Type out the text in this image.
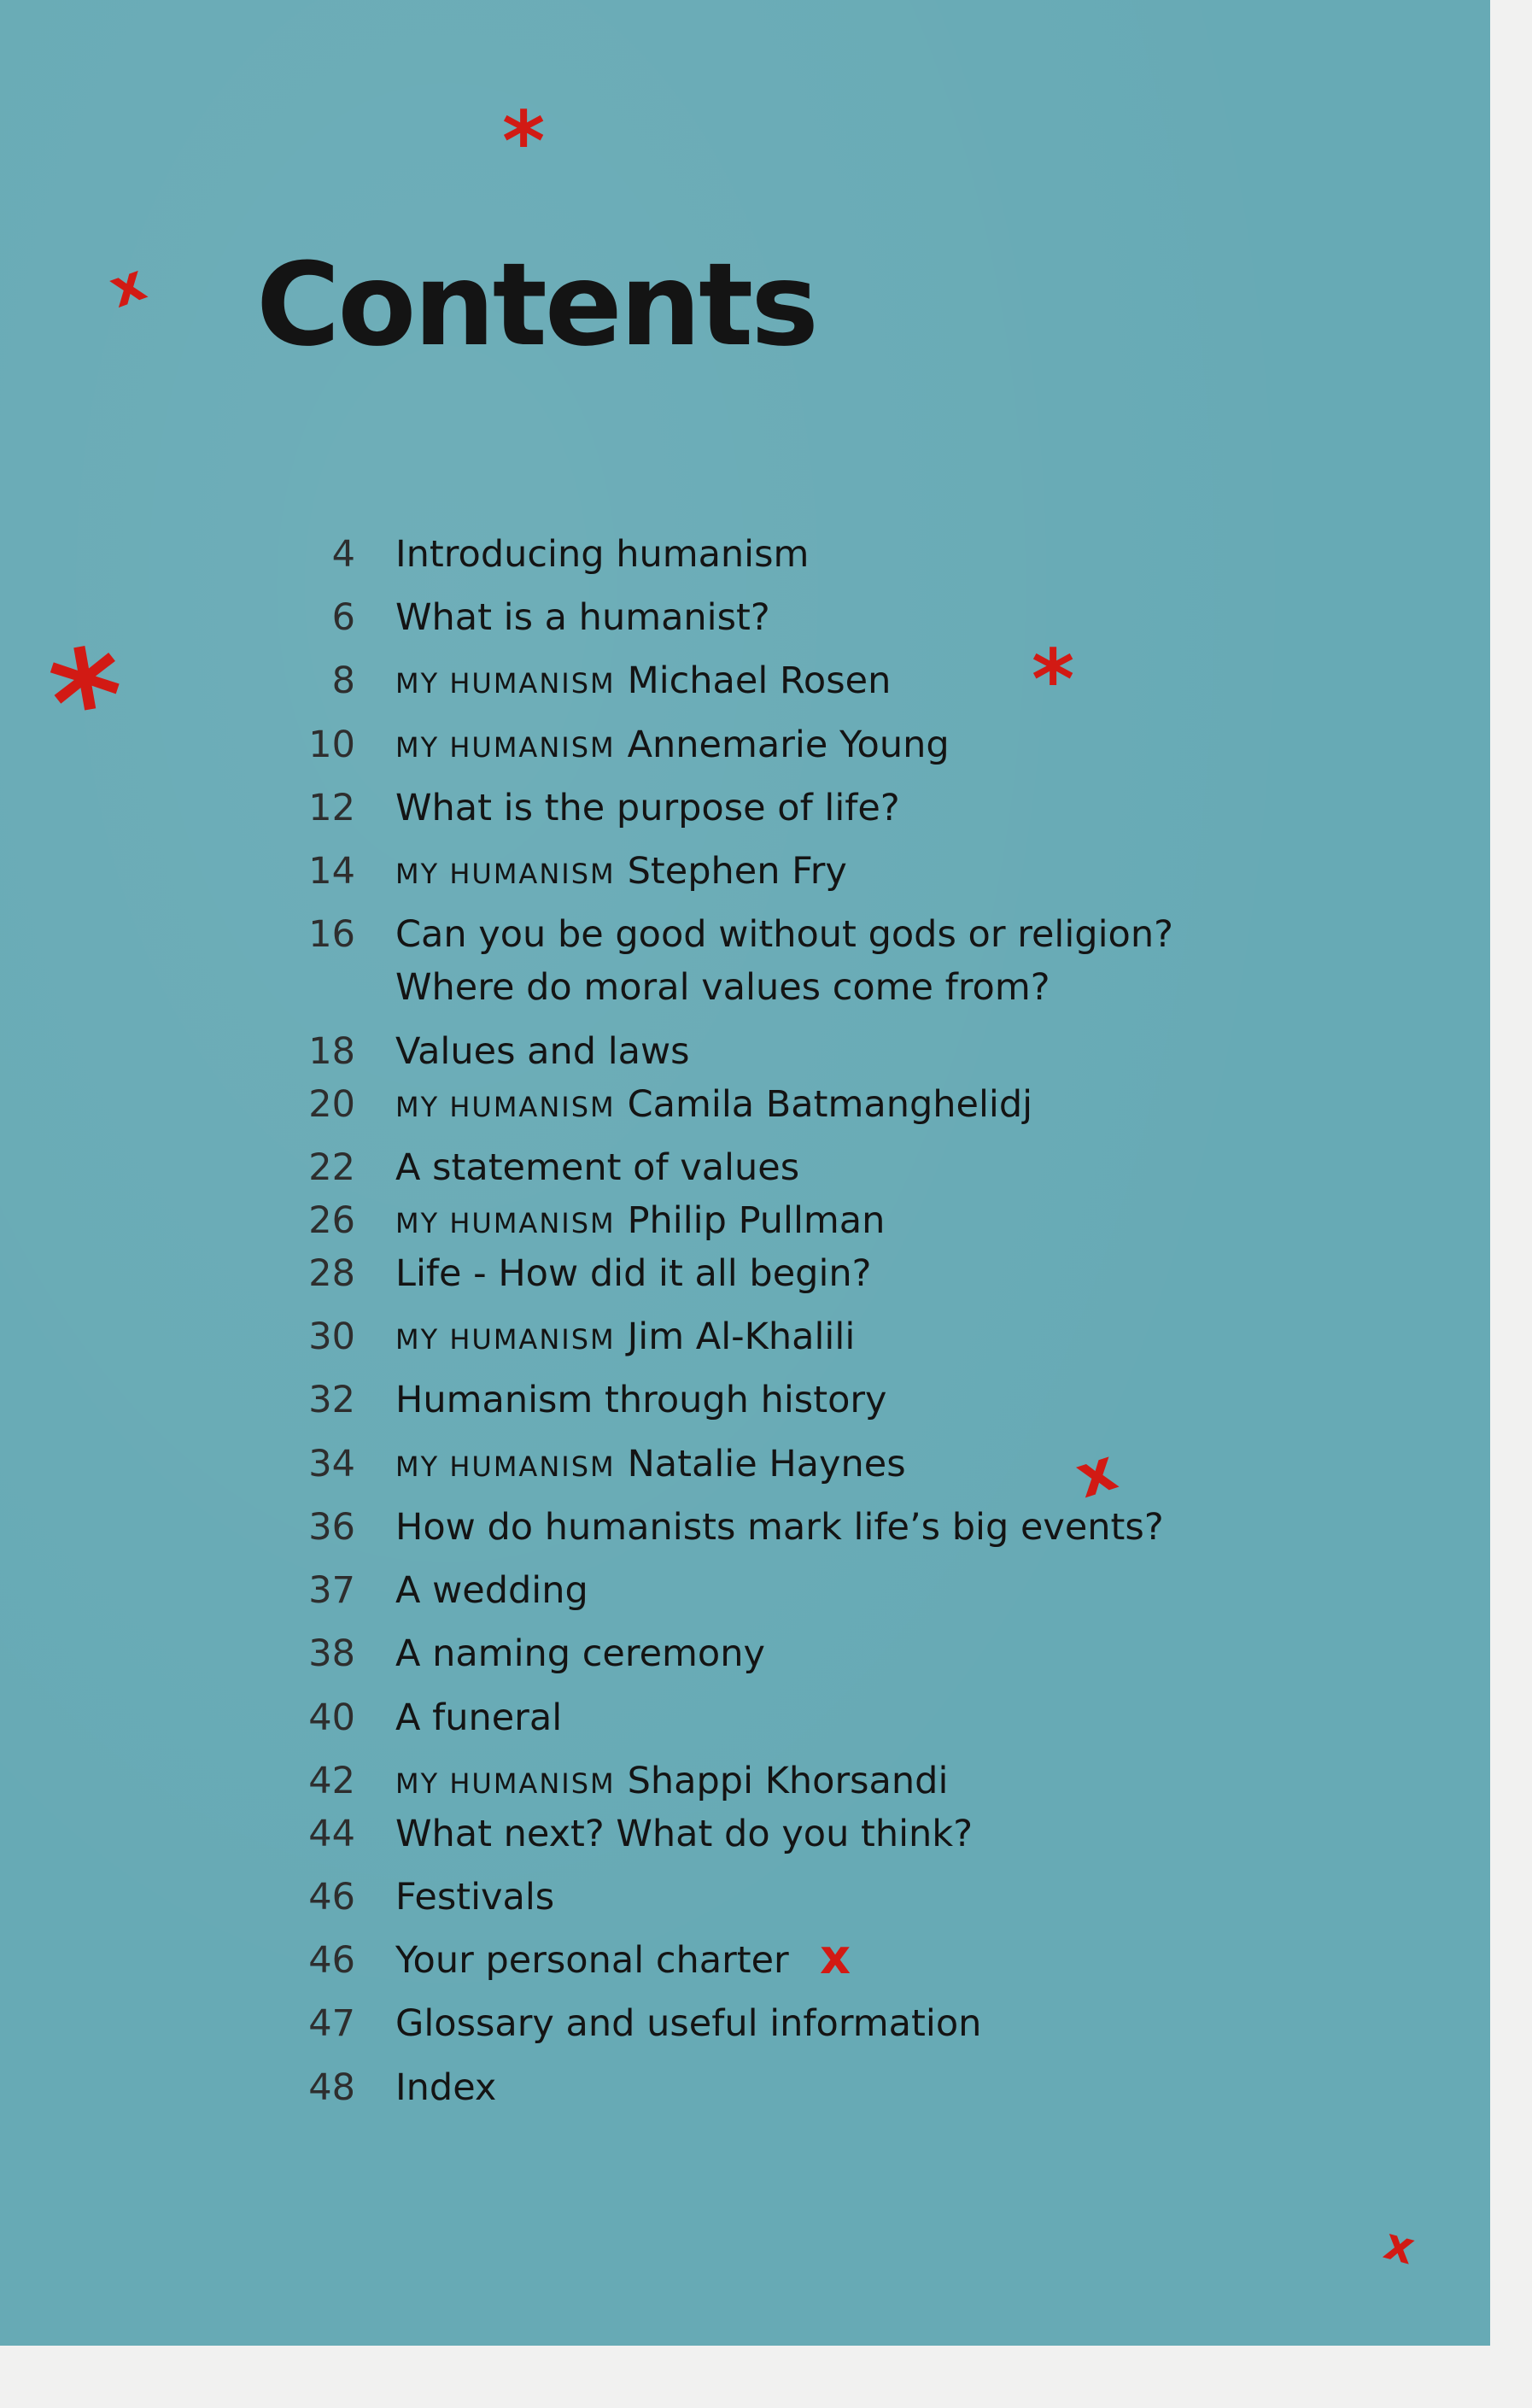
Contents
4 Introducing humanism
6 What is a humanist?
8 MY HUMANISM Michael Rosen
10 MY HUMANISM Annemarie Young
12 What is the purpose of life?
14 MY HUMANISM Stephen Fry
16 Can you be good without gods or religion?
Where do moral values come from?
18 Values and laws
20 MY HUMANISM Camila Batmanghelidj
22 A statement of values
26 MY HUMANISM Philip Pullman
28 Life - How did it all begin?
30 MY HUMANISM Jim Al-Khalili
32 Humanism through history
34 MY HUMANISM Natalie Haynes
36 How do humanists mark life’s big events?
37 A wedding
38 A naming ceremony
40 A funeral
42 MY HUMANISM Shappi Khorsandi
44 What next? What do you think?
46 Festivals
46 Your personal charter
47 Glossary and useful information
48 Index
*
x
*	*
x
x
x
